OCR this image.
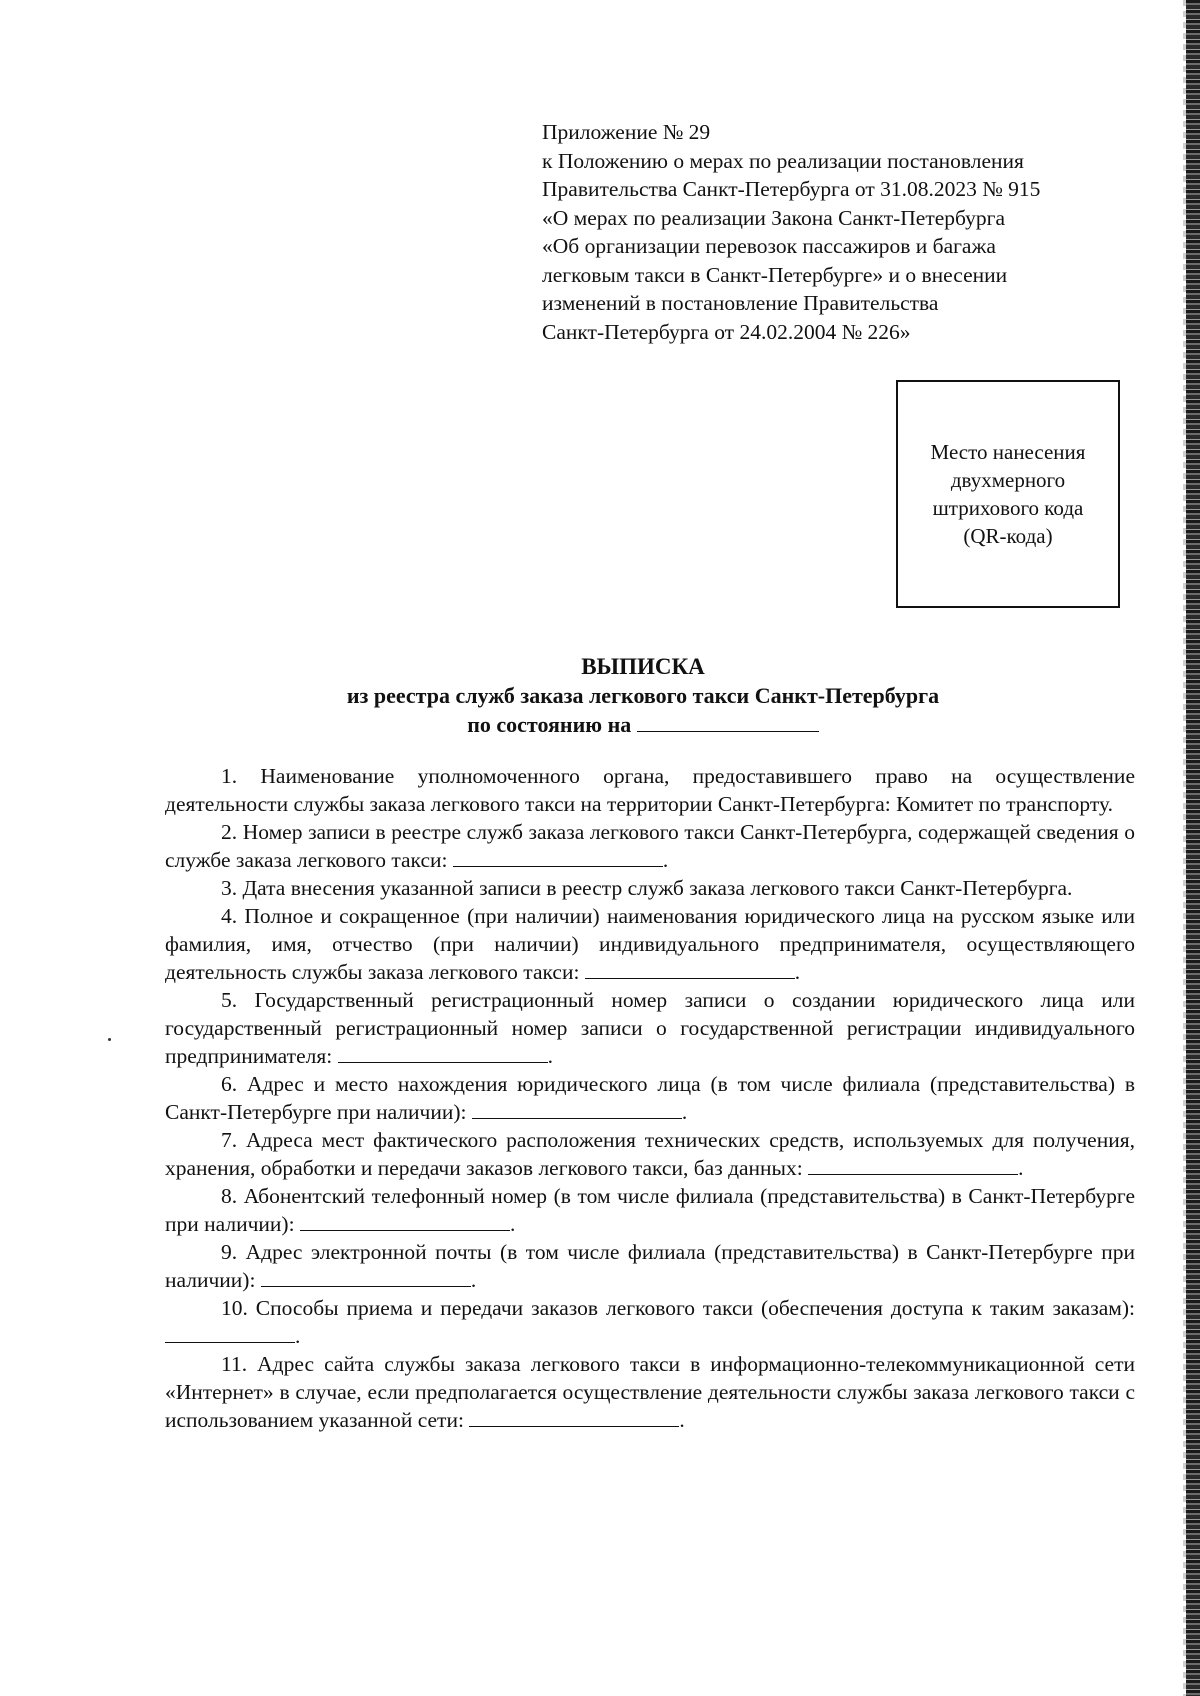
Приложение № 29
к Положению о мерах по реализации постановления
Правительства Санкт-Петербурга от 31.08.2023 № 915
«О мерах по реализации Закона Санкт-Петербурга
«Об организации перевозок пассажиров и багажа
легковым такси в Санкт-Петербурге» и о внесении
изменений в постановление Правительства
Санкт-Петербурга от 24.02.2004 № 226»
Место нанесения
двухмерного
штрихового кода
(QR-кода)
ВЫПИСКА
из реестра служб заказа легкового такси Санкт-Петербурга
по состоянию на

1. Наименование уполномоченного органа, предоставившего право на осуществление деятельности службы заказа легкового такси на территории Санкт-Петербурга: Комитет по транспорту.

2. Номер записи в реестре служб заказа легкового такси Санкт-Петербурга, содержащей сведения о службе заказа легкового такси:	.

3. Дата внесения указанной записи в реестр служб заказа легкового такси Санкт-Петербурга.

4. Полное и сокращенное (при наличии) наименования юридического лица на русском языке или фамилия, имя, отчество (при наличии) индивидуального предпринимателя, осуществляющего деятельность службы заказа легкового такси:	.

5. Государственный регистрационный номер записи о создании юридического лица или государственный регистрационный номер записи о государственной регистрации индивидуального предпринимателя:	.

6. Адрес и место нахождения юридического лица (в том числе филиала (представительства) в Санкт-Петербурге при наличии):	.

7. Адреса мест фактического расположения технических средств, используемых для получения, хранения, обработки и передачи заказов легкового такси, баз данных:	.

8. Абонентский телефонный номер (в том числе филиала (представительства) в Санкт-Петербурге при наличии):	.

9. Адрес электронной почты (в том числе филиала (представительства) в Санкт-Петербурге при наличии):	.

10. Способы приема и передачи заказов легкового такси (обеспечения доступа к таким заказам): .

11. Адрес сайта службы заказа легкового такси в информационно-телекоммуникационной сети «Интернет» в случае, если предполагается осуществление деятельности службы заказа легкового такси с использованием указанной сети:	.
